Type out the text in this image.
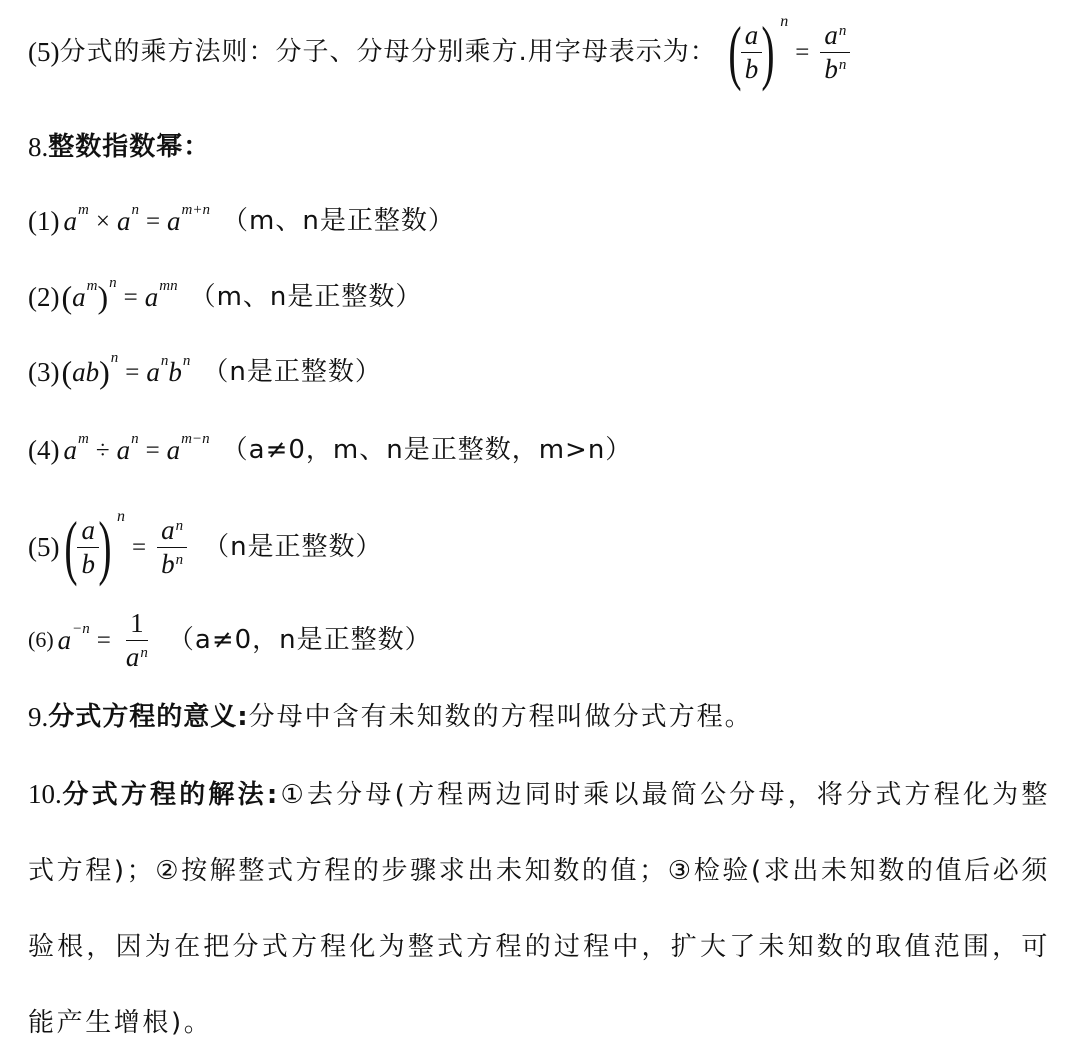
(5) 分式的乘方法则：分子、分母分别乘方.用字母表示为： ( $\frac{a}{b}$ ) n
= $\frac{a^n}{b^n}$
8. 整数指数幂：
(1) a m × a n = a m+n （m、n是正整数）
(2) ( a m ) n
= a mn （m、n是正整数）
(3) ( ab ) n
= a n b n （n是正整数）
(4) a m ÷ a n = a m−n （a≠0，m、n是正整数，m>n）
(5) ( $\frac{a}{b}$ ) n
= $\frac{a^n}{b^n} (n$是正整数）
(6) $a -n = \frac{1}{a^n} (a\ne 0$，n是正整数）
9. 分式方程的意义: 分母中含有未知数的方程叫做分式方程。
10.分式方程的解法:①去分母(方程两边同时乘以最简公分母，将分式方程化为整式方程)；②按解整式方程的步骤求出未知数的值；③检验(求出未知数的值后必须验根，因为在把分式方程化为整式方程的过程中，扩大了未知数的取值范围，可能产生增根)。
